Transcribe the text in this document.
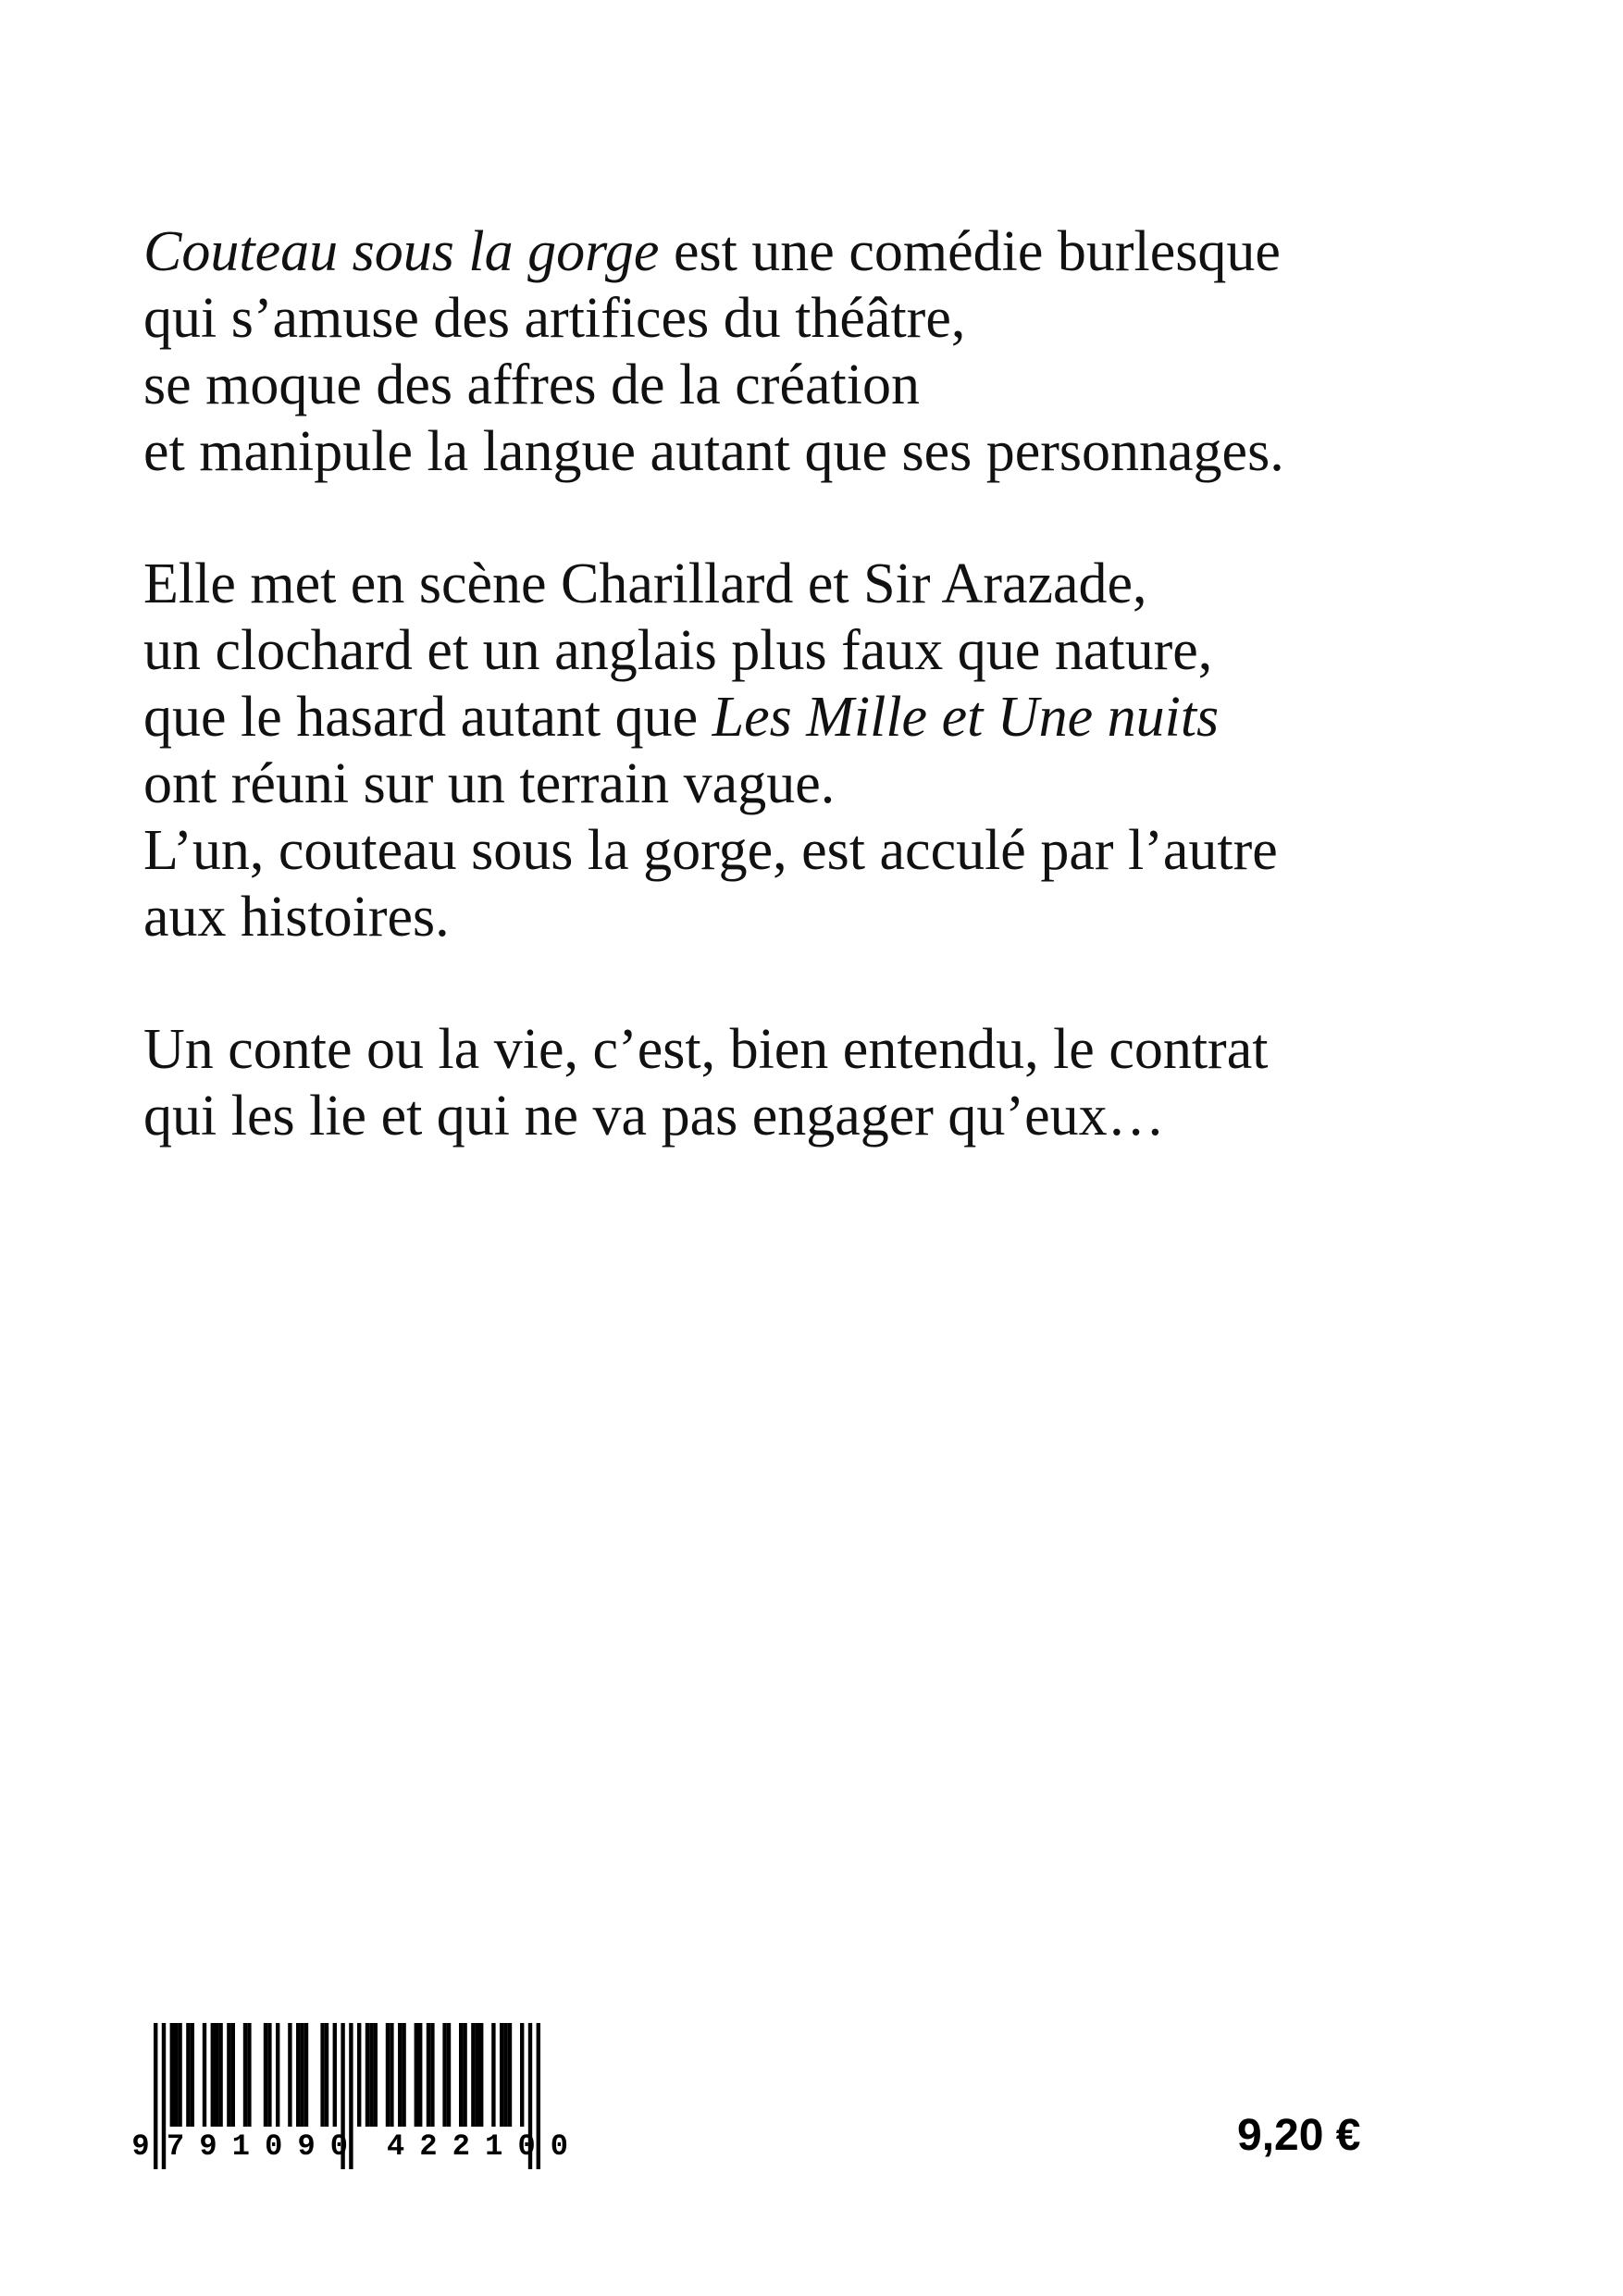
Couteau sous la gorge est une comédie burlesque
qui s’amuse des artifices du théâtre,
se moque des affres de la création
et manipule la langue autant que ses personnages.
Elle met en scène Charillard et Sir Arazade,
un clochard et un anglais plus faux que nature,
que le hasard autant que Les Mille et Une nuits
ont réuni sur un terrain vague.
L’un, couteau sous la gorge, est acculé par l’autre
aux histoires.
Un conte ou la vie, c’est, bien entendu, le contrat
qui les lie et qui ne va pas engager qu’eux…
9 791090 422100	9,20 €
